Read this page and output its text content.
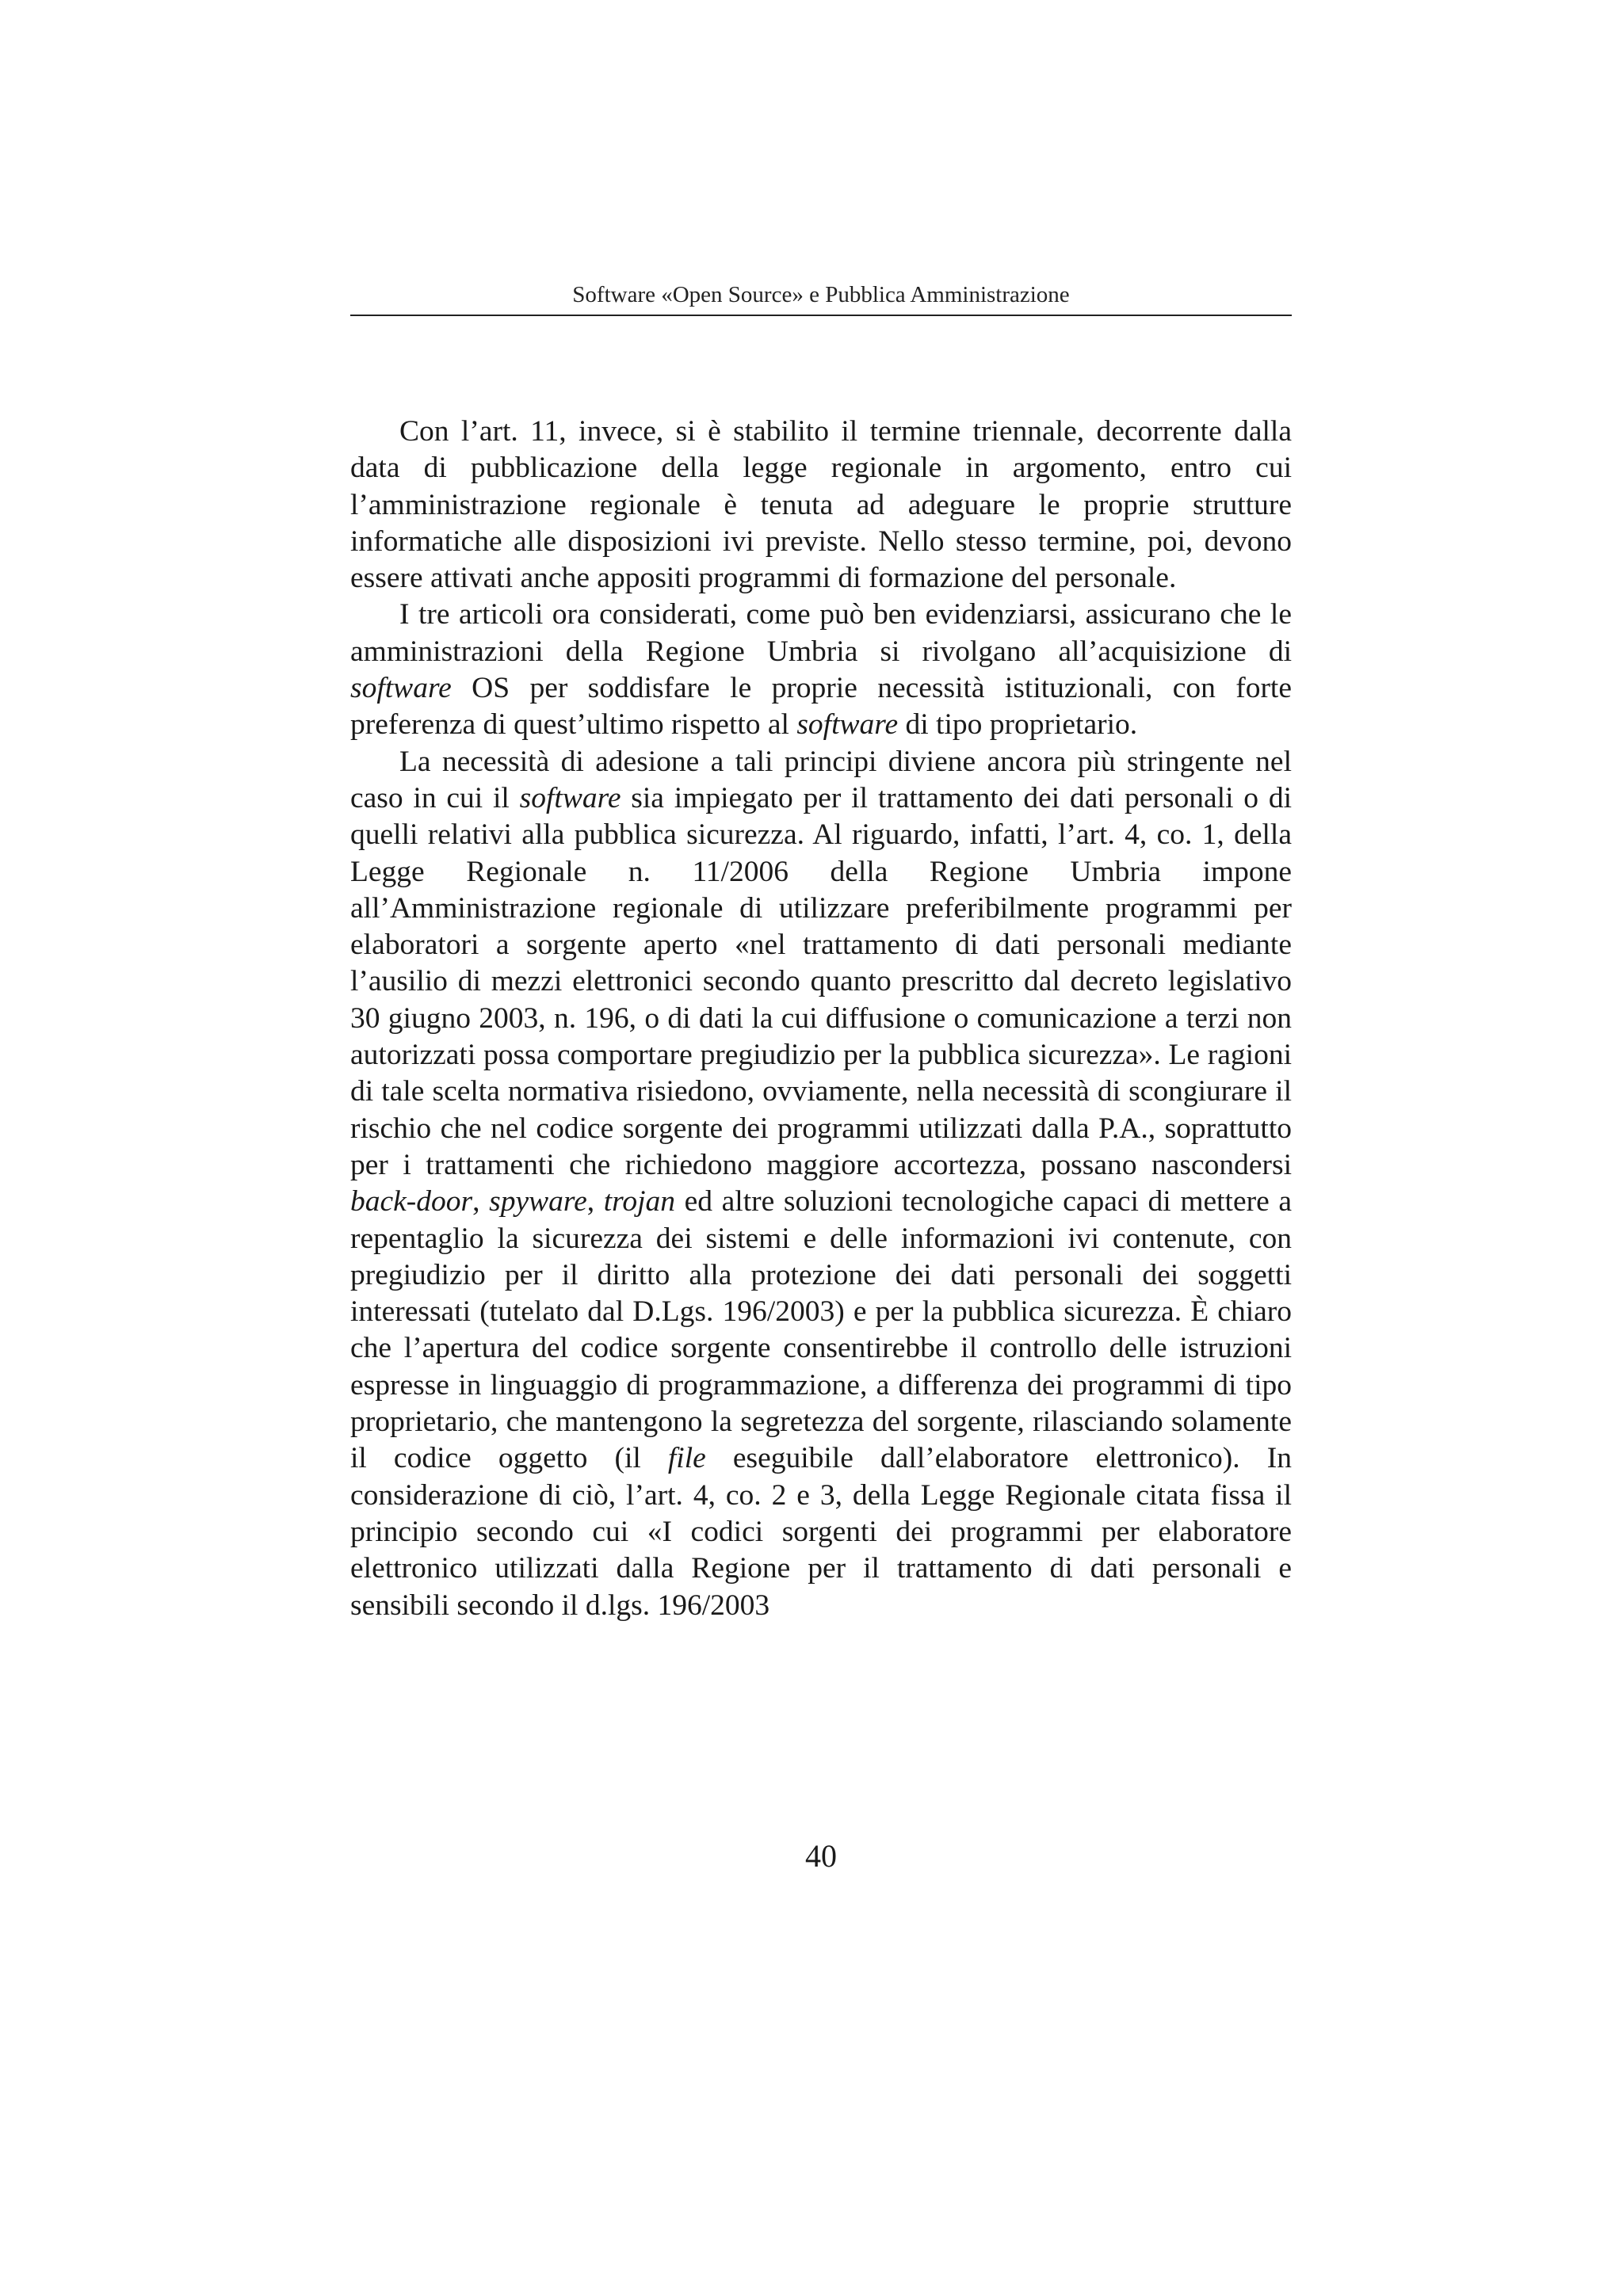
Software «Open Source» e Pubblica Amministrazione

Con l’art. 11, invece, si è stabilito il termine triennale, decorrente dalla data di pubblicazione della legge regionale in argomento, entro cui l’amministrazione regionale è tenuta ad adeguare le proprie strutture informatiche alle disposizioni ivi previste. Nello stesso termine, poi, devono essere attivati anche appositi programmi di formazione del personale.

I tre articoli ora considerati, come può ben evidenziarsi, assicurano che le amministrazioni della Regione Umbria si rivolgano all’acquisizione di software OS per soddisfare le proprie necessità istituzionali, con forte preferenza di quest’ultimo rispetto al software di tipo proprietario.

La necessità di adesione a tali principi diviene ancora più stringente nel caso in cui il software sia impiegato per il trattamento dei dati personali o di quelli relativi alla pubblica sicurezza. Al riguardo, infatti, l’art. 4, co. 1, della Legge Regionale n. 11/2006 della Regione Umbria impone all’Amministrazione regionale di utilizzare preferibilmente programmi per elaboratori a sorgente aperto «nel trattamento di dati personali mediante l’ausilio di mezzi elettronici secondo quanto prescritto dal decreto legislativo 30 giugno 2003, n. 196, o di dati la cui diffusione o comunicazione a terzi non autorizzati possa comportare pregiudizio per la pubblica sicurezza». Le ragioni di tale scelta normativa risiedono, ovviamente, nella necessità di scongiurare il rischio che nel codice sorgente dei programmi utilizzati dalla P.A., soprattutto per i trattamenti che richiedono maggiore accortezza, possano nascondersi back-door, spyware, trojan ed altre soluzioni tecnologiche capaci di mettere a repentaglio la sicurezza dei sistemi e delle informazioni ivi contenute, con pregiudizio per il diritto alla protezione dei dati personali dei soggetti interessati (tutelato dal D.Lgs. 196/2003) e per la pubblica sicurezza. È chiaro che l’apertura del codice sorgente consentirebbe il controllo delle istruzioni espresse in linguaggio di programmazione, a differenza dei programmi di tipo proprietario, che mantengono la segretezza del sorgente, rilasciando solamente il codice oggetto (il file eseguibile dall’elaboratore elettronico). In considerazione di ciò, l’art. 4, co. 2 e 3, della Legge Regionale citata fissa il principio secondo cui «I codici sorgenti dei programmi per elaboratore elettronico utilizzati dalla Regione per il trattamento di dati personali e sensibili secondo il d.lgs. 196/2003

40
